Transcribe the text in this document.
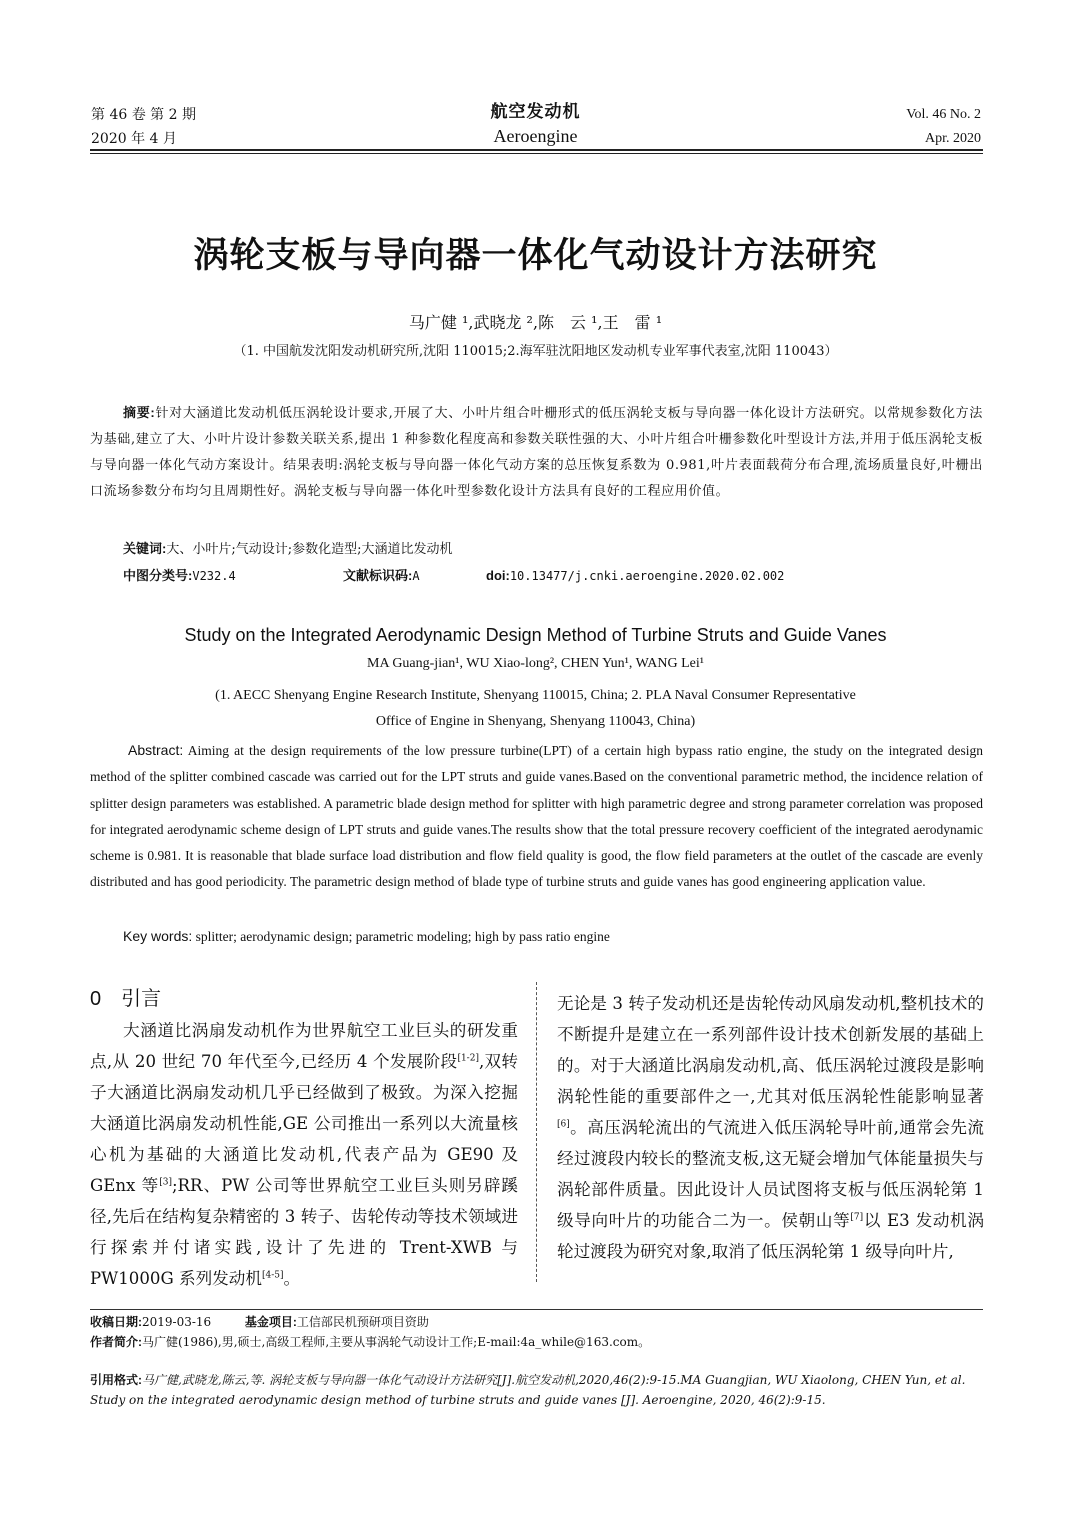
第 46 卷 第 2 期
2020 年 4 月
航空发动机
Aeroengine
Vol. 46 No. 2
Apr. 2020
涡轮支板与导向器一体化气动设计方法研究
马广健 ¹,武晓龙 ²,陈　云 ¹,王　雷 ¹
（1. 中国航发沈阳发动机研究所,沈阳 110015;2.海军驻沈阳地区发动机专业军事代表室,沈阳 110043）
摘要:针对大涵道比发动机低压涡轮设计要求,开展了大、小叶片组合叶栅形式的低压涡轮支板与导向器一体化设计方法研究。以常规参数化方法为基础,建立了大、小叶片设计参数关联关系,提出 1 种参数化程度高和参数关联性强的大、小叶片组合叶栅参数化叶型设计方法,并用于低压涡轮支板与导向器一体化气动方案设计。结果表明:涡轮支板与导向器一体化气动方案的总压恢复系数为 0.981,叶片表面载荷分布合理,流场质量良好,叶栅出口流场参数分布均匀且周期性好。涡轮支板与导向器一体化叶型参数化设计方法具有良好的工程应用价值。
关键词:大、小叶片;气动设计;参数化造型;大涵道比发动机
中图分类号:V232.4	文献标识码:A	doi:10.13477/j.cnki.aeroengine.2020.02.002
Study on the Integrated Aerodynamic Design Method of Turbine Struts and Guide Vanes
MA Guang-jian¹, WU Xiao-long², CHEN Yun¹, WANG Lei¹
(1. AECC Shenyang Engine Research Institute, Shenyang 110015, China; 2. PLA Naval Consumer Representative
Office of Engine in Shenyang, Shenyang 110043, China)
Abstract: Aiming at the design requirements of the low pressure turbine(LPT) of a certain high bypass ratio engine, the study on the integrated design method of the splitter combined cascade was carried out for the LPT struts and guide vanes.Based on the conventional parametric method, the incidence relation of splitter design parameters was established. A parametric blade design method for splitter with high parametric degree and strong parameter correlation was proposed for integrated aerodynamic scheme design of LPT struts and guide vanes.The results show that the total pressure recovery coefficient of the integrated aerodynamic scheme is 0.981. It is reasonable that blade surface load distribution and flow field quality is good, the flow field parameters at the outlet of the cascade are evenly distributed and has good periodicity. The parametric design method of blade type of turbine struts and guide vanes has good engineering application value.
Key words: splitter; aerodynamic design; parametric modeling; high by pass ratio engine
0　引言

大涵道比涡扇发动机作为世界航空工业巨头的研发重点,从 20 世纪 70 年代至今,已经历 4 个发展阶段[1-2],双转子大涵道比涡扇发动机几乎已经做到了极致。为深入挖掘大涵道比涡扇发动机性能,GE 公司推出一系列以大流量核心机为基础的大涵道比发动机,代表产品为 GE90 及 GEnx 等[3];RR、PW 公司等世界航空工业巨头则另辟蹊径,先后在结构复杂精密的 3 转子、齿轮传动等技术领域进行探索并付诸实践,设计了先进的 Trent-XWB 与 PW1000G 系列发动机[4-5]。

无论是 3 转子发动机还是齿轮传动风扇发动机,整机技术的不断提升是建立在一系列部件设计技术创新发展的基础上的。对于大涵道比涡扇发动机,高、低压涡轮过渡段是影响涡轮性能的重要部件之一,尤其对低压涡轮性能影响显著[6]。高压涡轮流出的气流进入低压涡轮导叶前,通常会先流经过渡段内较长的整流支板,这无疑会增加气体能量损失与涡轮部件质量。因此设计人员试图将支板与低压涡轮第 1 级导向叶片的功能合二为一。侯朝山等[7]以 E3 发动机涡轮过渡段为研究对象,取消了低压涡轮第 1 级导向叶片,

收稿日期:2019-03-16	基金项目:工信部民机预研项目资助
作者简介:马广健(1986),男,硕士,高级工程师,主要从事涡轮气动设计工作;E-mail:4a_while@163.com。
引用格式:马广健,武晓龙,陈云,等. 涡轮支板与导向器一体化气动设计方法研究[J].航空发动机,2020,46(2):9-15.MA Guangjian, WU Xiaolong, CHEN Yun, et al. Study on the integrated aerodynamic design method of turbine struts and guide vanes [J]. Aeroengine, 2020, 46(2):9-15.
